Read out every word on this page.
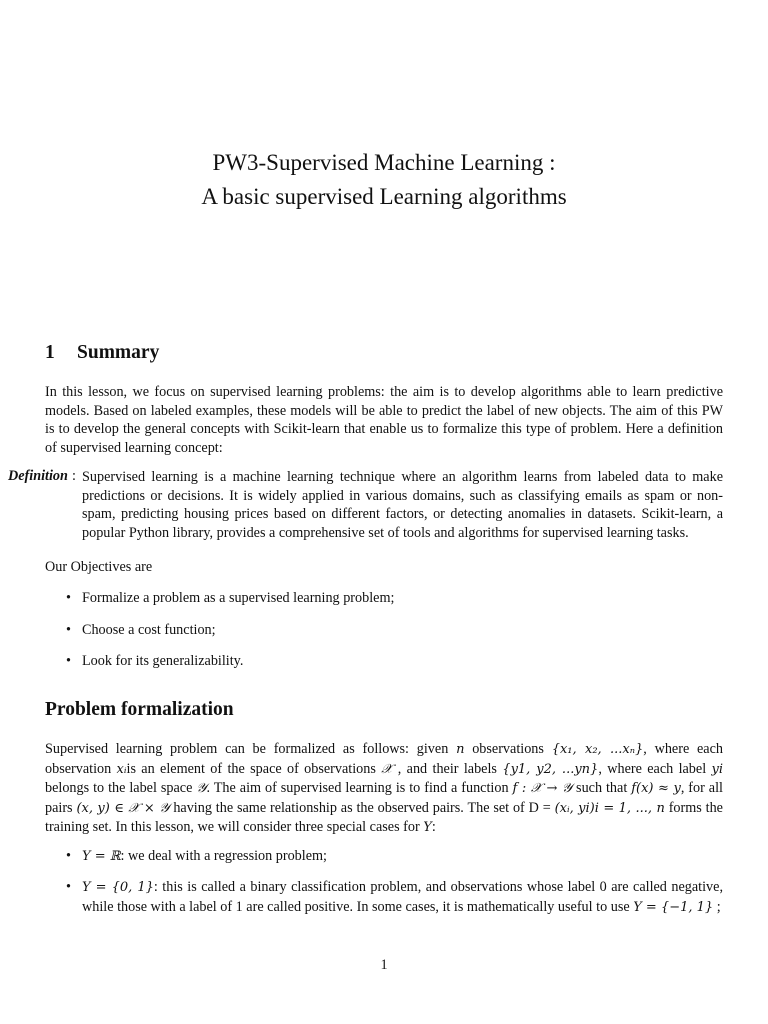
PW3-Supervised Machine Learning :
A basic supervised Learning algorithms
1 Summary
In this lesson, we focus on supervised learning problems: the aim is to develop algorithms able to learn predictive models. Based on labeled examples, these models will be able to predict the label of new objects. The aim of this PW is to develop the general concepts with Scikit-learn that enable us to formalize this type of problem. Here a definition of supervised learning concept:
Definition : Supervised learning is a machine learning technique where an algorithm learns from labeled data to make predictions or decisions. It is widely applied in various domains, such as classifying emails as spam or non-spam, predicting housing prices based on different factors, or detecting anomalies in datasets. Scikit-learn, a popular Python library, provides a comprehensive set of tools and algorithms for supervised learning tasks.
Our Objectives are
• Formalize a problem as a supervised learning problem;
• Choose a cost function;
• Look for its generalizability.
Problem formalization
Supervised learning problem can be formalized as follows: given n observations {x₁, x₂, ...xₙ}, where each observation xᵢis an element of the space of observations 𝒳 , and their labels {y1, y2, ...yn}, where each label yi belongs to the label space 𝒴. The aim of supervised learning is to find a function f : 𝒳 → 𝒴 such that f(x) ≈ y, for all pairs (x, y) ∈ 𝒳 × 𝒴 having the same relationship as the observed pairs. The set of D = (xᵢ, yi)i = 1, ..., n forms the training set. In this lesson, we will consider three special cases for Y:
• Y = ℝ: we deal with a regression problem;
• Y = {0, 1}: this is called a binary classification problem, and observations whose label 0 are called negative, while those with a label of 1 are called positive. In some cases, it is mathematically useful to use Y = {−1, 1} ;
1
